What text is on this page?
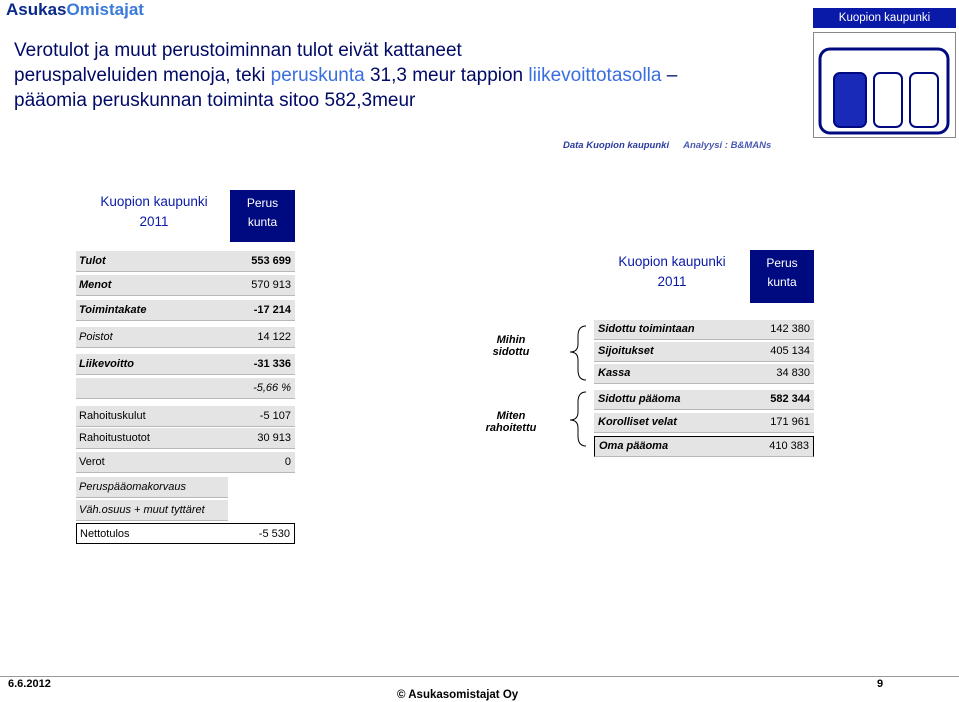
AsukasOmistajat
Verotulot ja muut perustoiminnan tulot eivät kattaneet
peruspalveluiden menoja, teki peruskunta 31,3 meur tappion liikevoittotasolla –
pääomia peruskunnan toiminta sitoo 582,3meur
Kuopion kaupunki
Data Kuopion kaupunki Analyysi : B&MANs
Kuopion kaupunki
2011
Perus
kunta
Tulot	553 699
Menot	570 913
Toimintakate	-17 214
Poistot	14 122
Liikevoitto	-31 336
-5,66 %
Rahoituskulut	-5 107
Rahoitustuotot	30 913
Verot	0
Peruspääomakorvaus
Väh.osuus + muut tyttäret
Nettotulos	-5 530
Mihin
sidottu
Miten
rahoitettu
Kuopion kaupunki
2011
Perus
kunta
Sidottu toimintaan	142 380
Sijoitukset	405 134
Kassa	34 830
Sidottu pääoma	582 344
Korolliset velat	171 961
Oma pääoma	410 383
6.6.2012
© Asukasomistajat Oy
9
